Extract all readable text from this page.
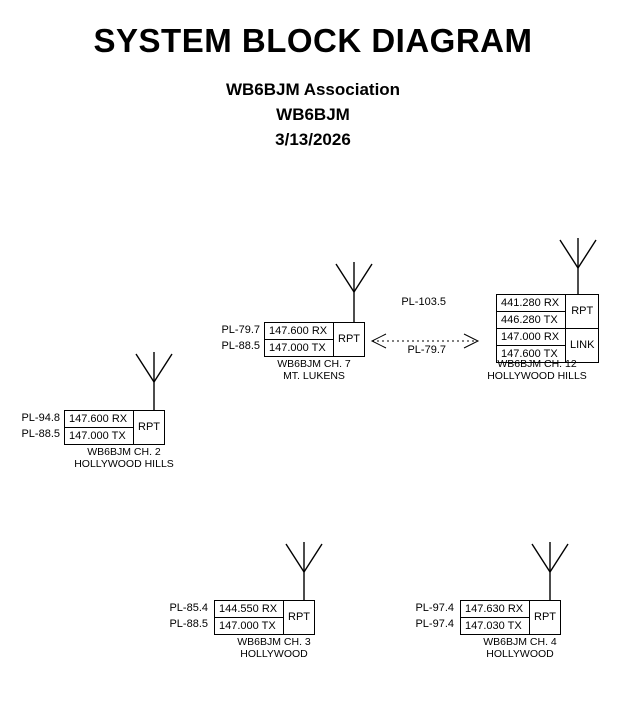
SYSTEM BLOCK DIAGRAM
WB6BJM Association
WB6BJM
3/13/2026
PL-79.7
PL-88.5
147.600 RX	RPT
147.000 TX
WB6BJM CH. 7
MT. LUKENS
PL-103.5
PL-79.7
441.280 RX	RPT
446.280 TX	
147.000 RX	LINK
147.600 TX	
WB6BJM CH. 12
HOLLYWOOD HILLS
PL-94.8
PL-88.5
147.600 RX	RPT
147.000 TX
WB6BJM CH. 2
HOLLYWOOD HILLS
PL-85.4
PL-88.5
144.550 RX	RPT
147.000 TX
WB6BJM CH. 3
HOLLYWOOD
PL-97.4
PL-97.4
147.630 RX	RPT
147.030 TX
WB6BJM CH. 4
HOLLYWOOD
